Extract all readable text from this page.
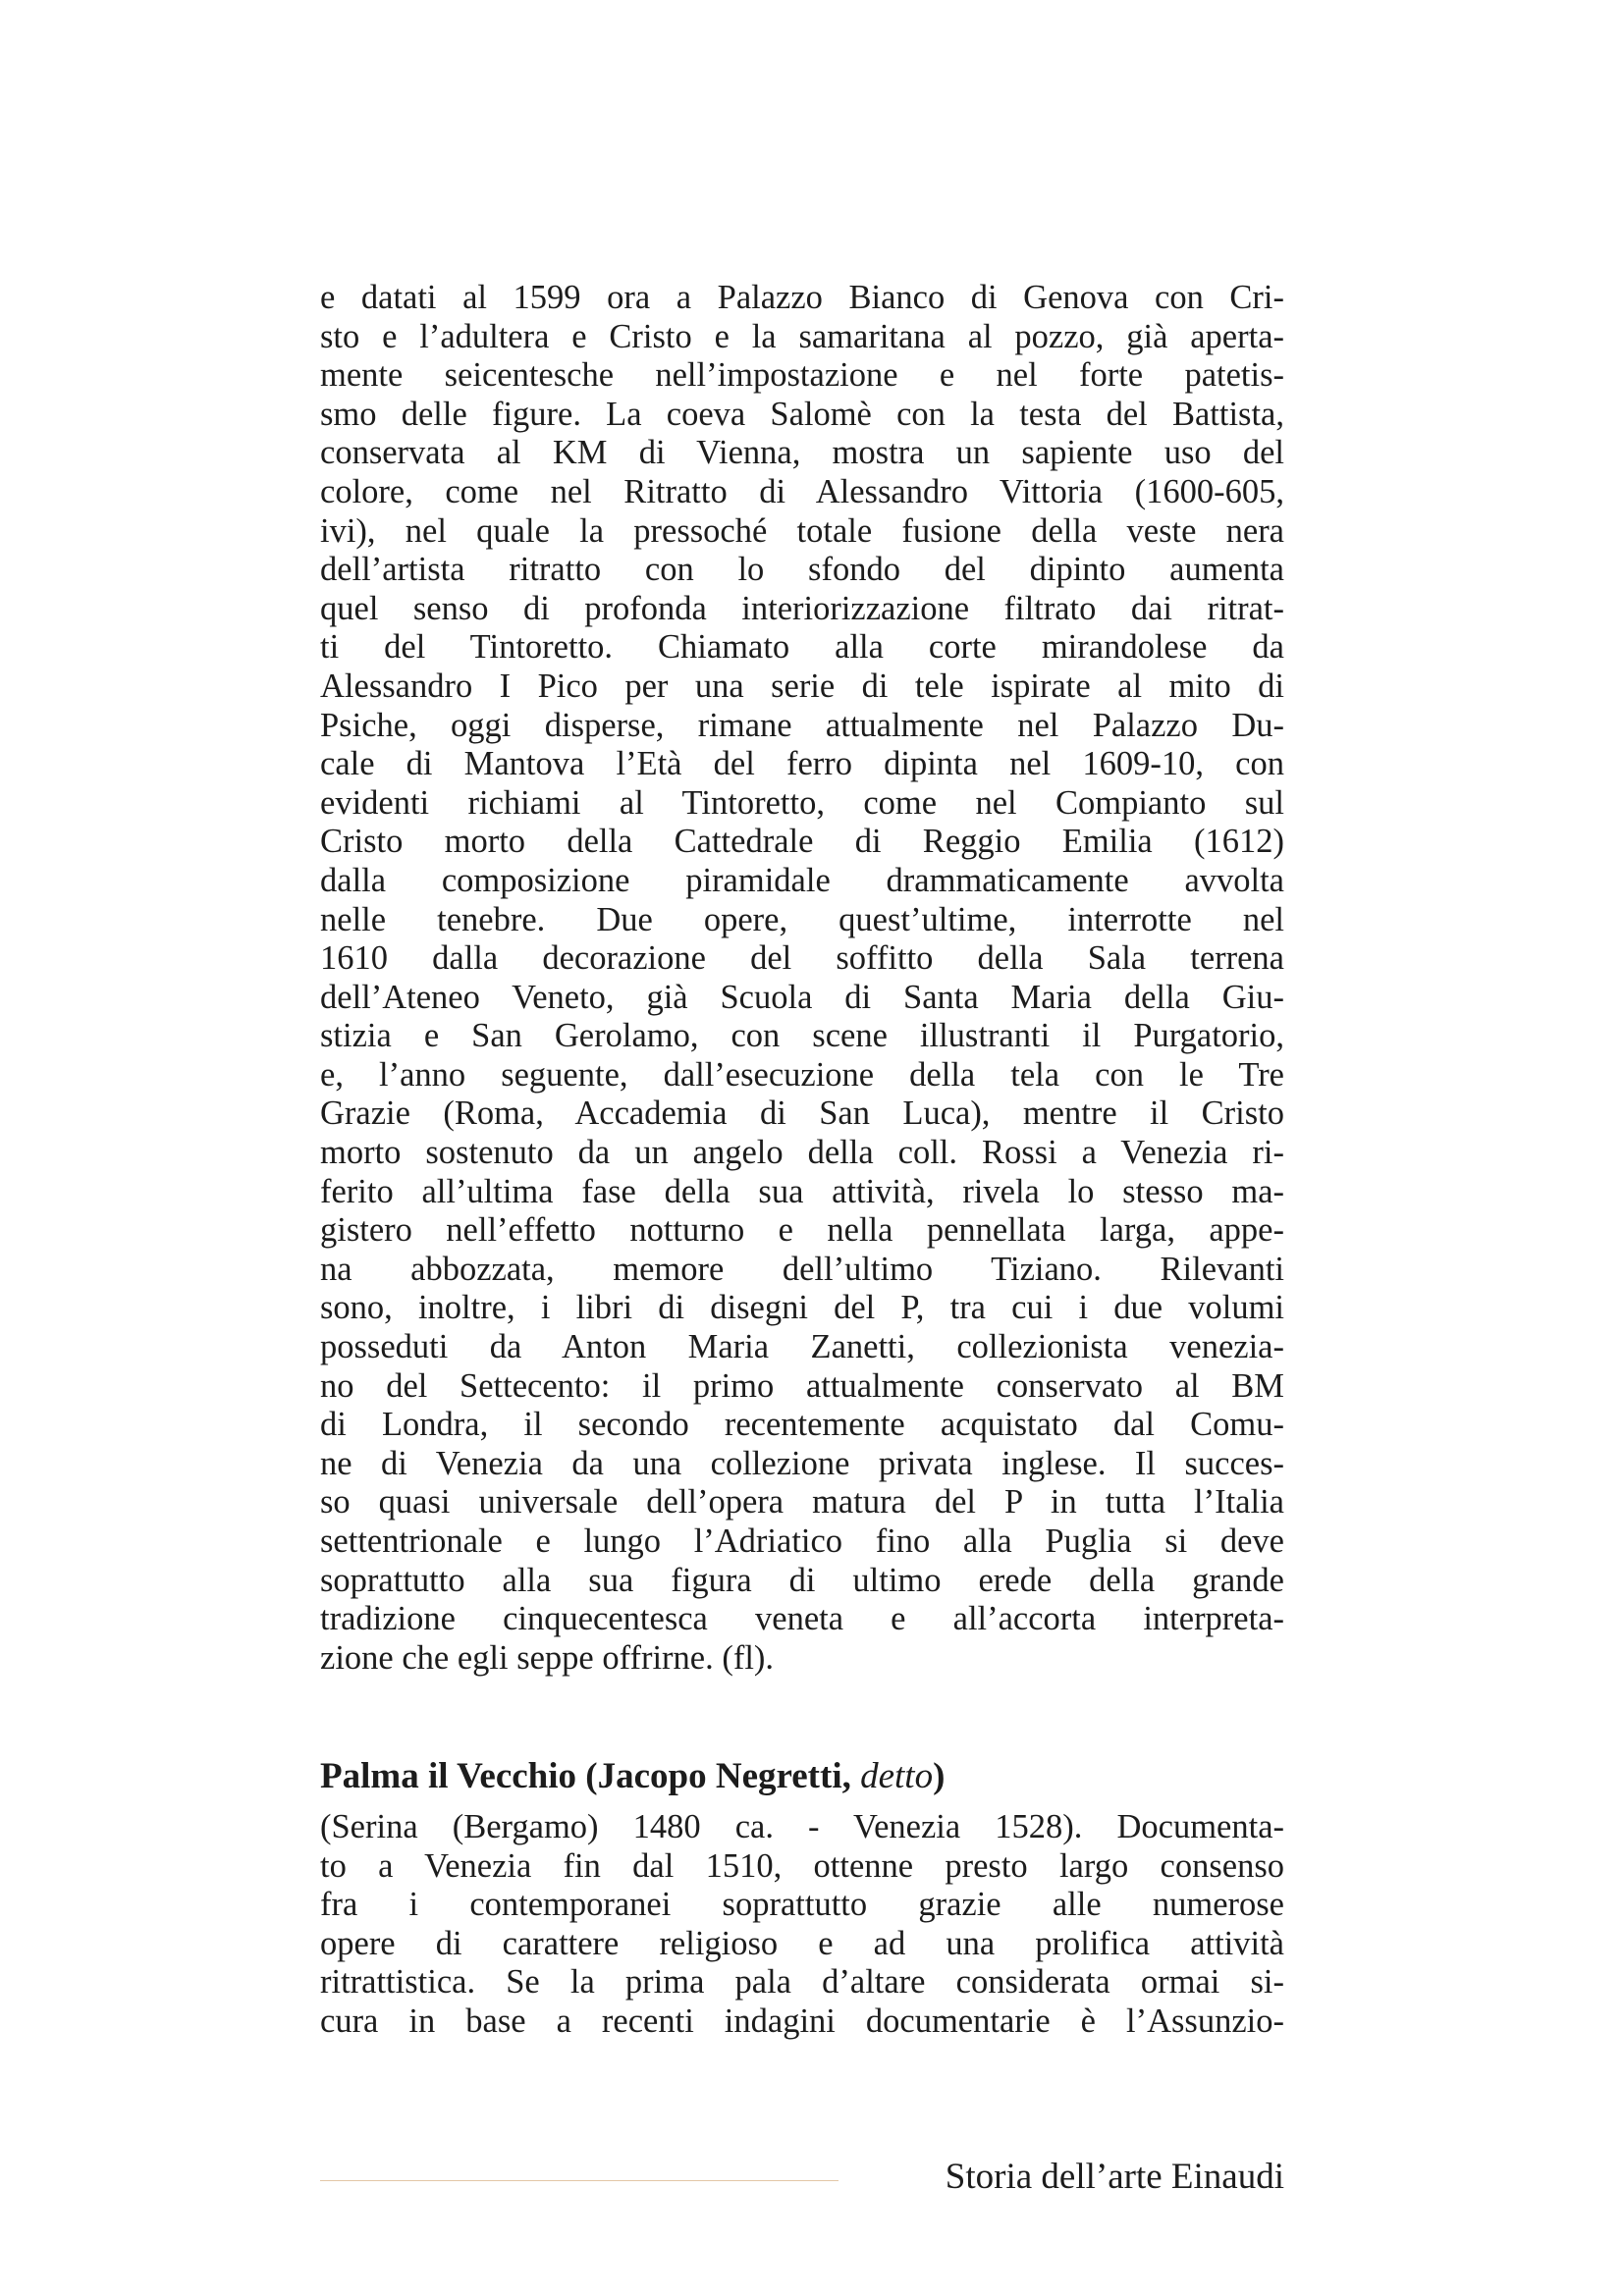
e datati al 1599 ora a Palazzo Bianco di Genova con Cri-
sto e l’adultera e Cristo e la samaritana al pozzo, già aperta-
mente seicentesche nell’impostazione e nel forte patetis-
smo delle figure. La coeva Salomè con la testa del Battista,
conservata al KM di Vienna, mostra un sapiente uso del
colore, come nel Ritratto di Alessandro Vittoria (1600-605,
ivi), nel quale la pressoché totale fusione della veste nera
dell’artista ritratto con lo sfondo del dipinto aumenta
quel senso di profonda interiorizzazione filtrato dai ritrat-
ti del Tintoretto. Chiamato alla corte mirandolese da
Alessandro I Pico per una serie di tele ispirate al mito di
Psiche, oggi disperse, rimane attualmente nel Palazzo Du-
cale di Mantova l’Età del ferro dipinta nel 1609-10, con
evidenti richiami al Tintoretto, come nel Compianto sul
Cristo morto della Cattedrale di Reggio Emilia (1612)
dalla composizione piramidale drammaticamente avvolta
nelle tenebre. Due opere, quest’ultime, interrotte nel
1610 dalla decorazione del soffitto della Sala terrena
dell’Ateneo Veneto, già Scuola di Santa Maria della Giu-
stizia e San Gerolamo, con scene illustranti il Purgatorio,
e, l’anno seguente, dall’esecuzione della tela con le Tre
Grazie (Roma, Accademia di San Luca), mentre il Cristo
morto sostenuto da un angelo della coll. Rossi a Venezia ri-
ferito all’ultima fase della sua attività, rivela lo stesso ma-
gistero nell’effetto notturno e nella pennellata larga, appe-
na abbozzata, memore dell’ultimo Tiziano. Rilevanti
sono, inoltre, i libri di disegni del P, tra cui i due volumi
posseduti da Anton Maria Zanetti, collezionista venezia-
no del Settecento: il primo attualmente conservato al BM
di Londra, il secondo recentemente acquistato dal Comu-
ne di Venezia da una collezione privata inglese. Il succes-
so quasi universale dell’opera matura del P in tutta l’Italia
settentrionale e lungo l’Adriatico fino alla Puglia si deve
soprattutto alla sua figura di ultimo erede della grande
tradizione cinquecentesca veneta e all’accorta interpreta-
zione che egli seppe offrirne. (fl).
Palma il Vecchio (Jacopo Negretti, detto)
(Serina (Bergamo) 1480 ca. - Venezia 1528). Documenta-
to a Venezia fin dal 1510, ottenne presto largo consenso
fra i contemporanei soprattutto grazie alle numerose
opere di carattere religioso e ad una prolifica attività
ritrattistica. Se la prima pala d’altare considerata ormai si-
cura in base a recenti indagini documentarie è l’Assunzio-
Storia dell’arte Einaudi
